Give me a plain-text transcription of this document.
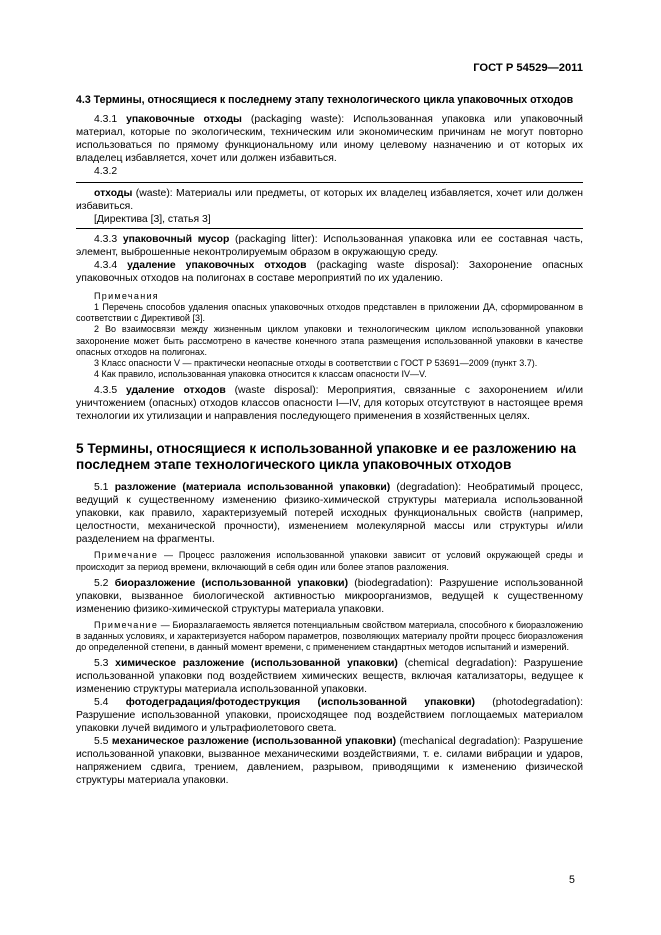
ГОСТ Р 54529—2011
4.3 Термины, относящиеся к последнему этапу технологического цикла упаковочных отходов

4.3.1 упаковочные отходы (packaging waste): Использованная упаковка или упаковочный материал, которые по экологическим, техническим или экономическим причинам не могут повторно использоваться по прямому функциональному или иному целевому назначению и от которых их владелец избавляется, хочет или должен избавиться.

4.3.2

отходы (waste): Материалы или предметы, от которых их владелец избавляется, хочет или должен избавиться.

[Директива [3], статья 3]

4.3.3 упаковочный мусор (packaging litter): Использованная упаковка или ее составная часть, элемент, выброшенные неконтролируемым образом в окружающую среду.

4.3.4 удаление упаковочных отходов (packaging waste disposal): Захоронение опасных упаковочных отходов на полигонах в составе мероприятий по их удалению.

Примечания

1 Перечень способов удаления опасных упаковочных отходов представлен в приложении ДА, сформированном в соответствии с Директивой [3].

2 Во взаимосвязи между жизненным циклом упаковки и технологическим циклом использованной упаковки захоронение может быть рассмотрено в качестве конечного этапа размещения использованной упаковки в качестве опасных отходов на полигонах.

3 Класс опасности V — практически неопасные отходы в соответствии с ГОСТ Р 53691—2009 (пункт 3.7).

4 Как правило, использованная упаковка относится к классам опасности IV—V.

4.3.5 удаление отходов (waste disposal): Мероприятия, связанные с захоронением и/или уничтожением (опасных) отходов классов опасности I—IV, для которых отсутствуют в настоящее время технологии их утилизации и направления последующего применения в хозяйственных целях.

5 Термины, относящиеся к использованной упаковке и ее разложению на последнем этапе технологического цикла упаковочных отходов

5.1 разложение (материала использованной упаковки) (degradation): Необратимый процесс, ведущий к существенному изменению физико-химической структуры материала использованной упаковки, как правило, характеризуемый потерей исходных функциональных свойств (например, целостности, механической прочности), изменением молекулярной массы или структуры и/или разделением на фрагменты.

Примечание — Процесс разложения использованной упаковки зависит от условий окружающей среды и происходит за период времени, включающий в себя один или более этапов разложения.

5.2 биоразложение (использованной упаковки) (biodegradation): Разрушение использованной упаковки, вызванное биологической активностью микроорганизмов, ведущей к существенному изменению физико-химической структуры материала упаковки.

Примечание — Биоразлагаемость является потенциальным свойством материала, способного к биоразложению в заданных условиях, и характеризуется набором параметров, позволяющих материалу пройти процесс биоразложения до определенной степени, в данный момент времени, с применением стандартных методов испытаний и измерений.

5.3 химическое разложение (использованной упаковки) (chemical degradation): Разрушение использованной упаковки под воздействием химических веществ, включая катализаторы, ведущее к изменению структуры материала использованной упаковки.

5.4 фотодеградация/фотодеструкция (использованной упаковки) (photodegradation): Разрушение использованной упаковки, происходящее под воздействием поглощаемых материалом упаковки лучей видимого и ультрафиолетового света.

5.5 механическое разложение (использованной упаковки) (mechanical degradation): Разрушение использованной упаковки, вызванное механическими воздействиями, т. е. силами вибрации и ударов, напряжением сдвига, трением, давлением, разрывом, приводящими к изменению физической структуры материала упаковки.

5
